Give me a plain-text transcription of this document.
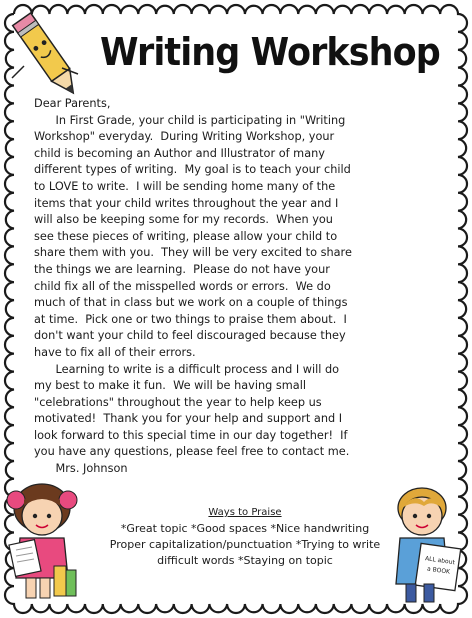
Writing Workshop
Dear Parents,
In First Grade, your child is participating in "Writing
Workshop" everyday.  During Writing Workshop, your
child is becoming an Author and Illustrator of many
different types of writing.  My goal is to teach your child
to LOVE to write.  I will be sending home many of the
items that your child writes throughout the year and I
will also be keeping some for my records.  When you
see these pieces of writing, please allow your child to
share them with you.  They will be very excited to share
the things we are learning.  Please do not have your
child fix all of the misspelled words or errors.  We do
much of that in class but we work on a couple of things
at time.  Pick one or two things to praise them about.  I
don't want your child to feel discouraged because they
have to fix all of their errors.
Learning to write is a difficult process and I will do
my best to make it fun.  We will be having small
"celebrations" throughout the year to help keep us
motivated!  Thank you for your help and support and I
look forward to this special time in our day together!  If
you have any questions, please feel free to contact me.
Mrs. Johnson
Ways to Praise
*Great topic *Good spaces *Nice handwriting
Proper capitalization/punctuation *Trying to write
difficult words *Staying on topic	ALL about
a BOOK
